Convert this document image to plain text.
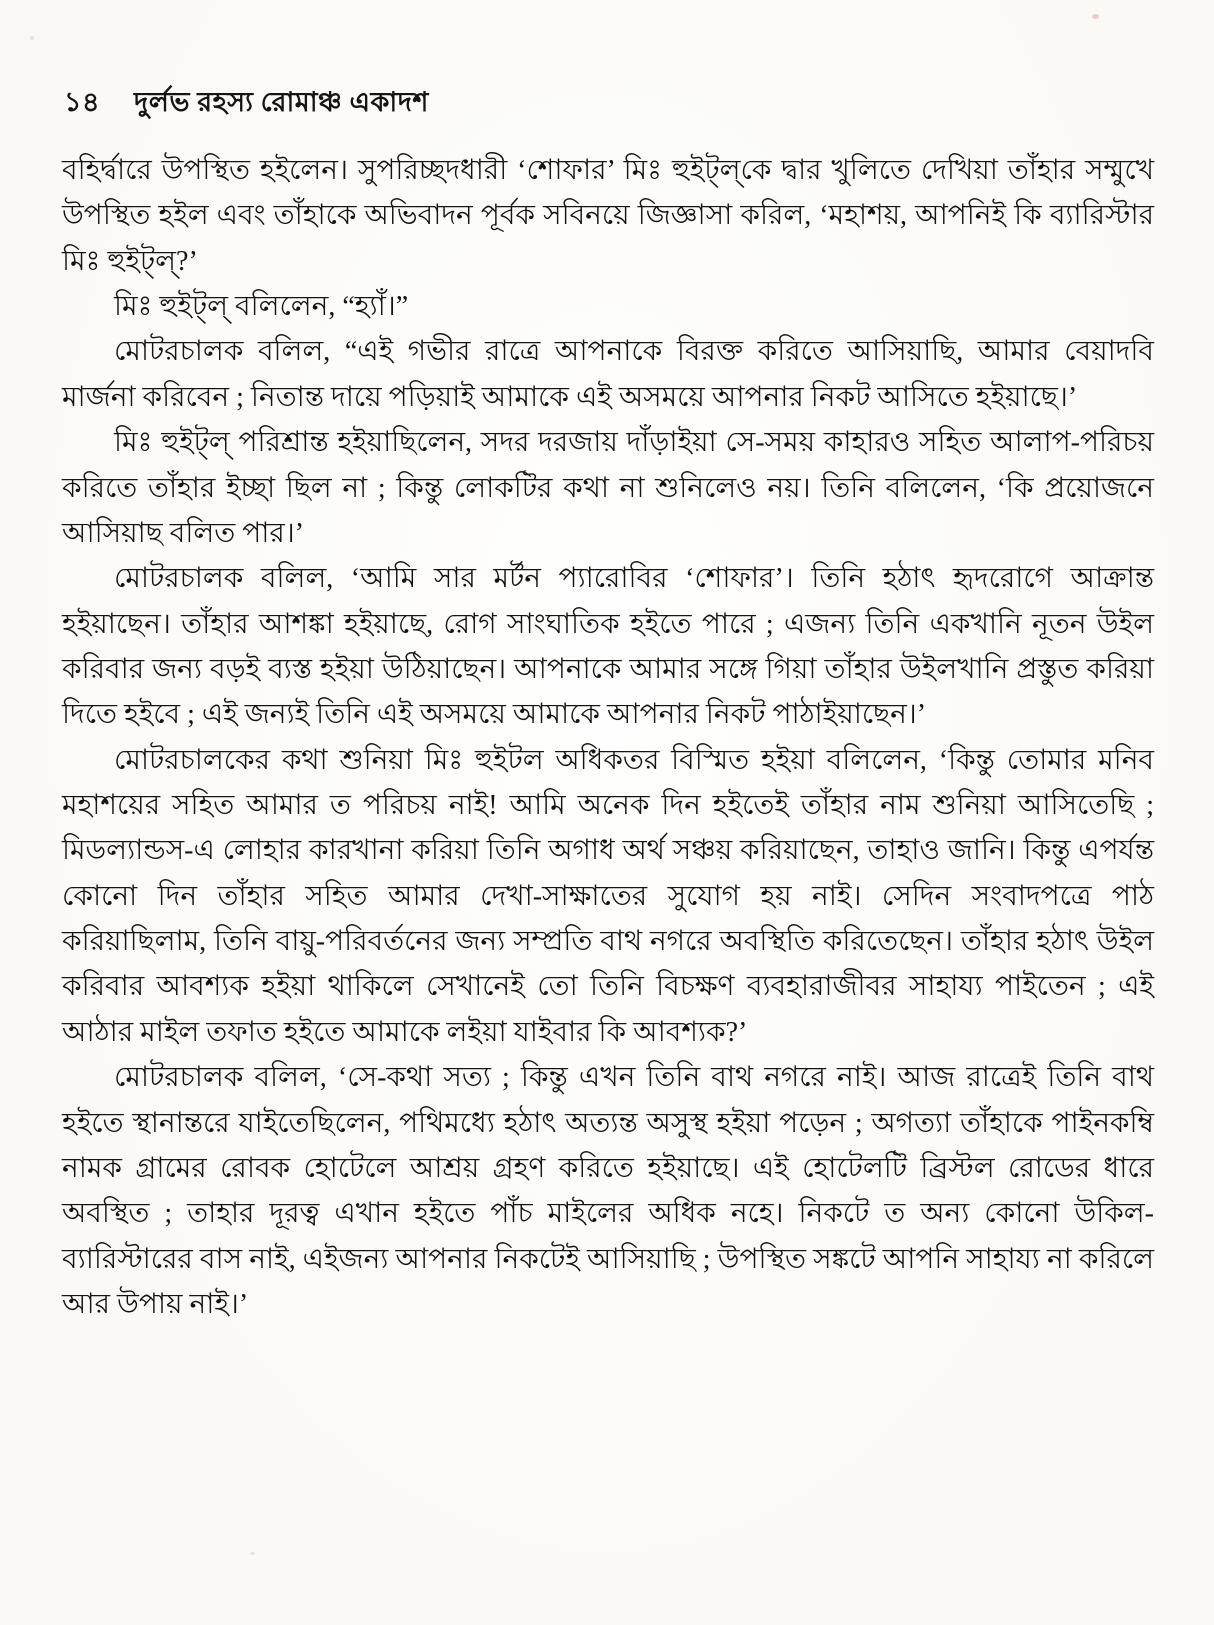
১৪ দুর্লভ রহস্য রোমাঞ্চ একাদশ

বহির্দ্বারে উপস্থিত হইলেন। সুপরিচ্ছদধারী ‘শোফার’ মিঃ হুইট্‌ল্‌কে দ্বার খুলিতে দেখিয়া তাঁহার সম্মুখে উপস্থিত হইল এবং তাঁহাকে অভিবাদন পূর্বক সবিনয়ে জিজ্ঞাসা করিল, ‘মহাশয়, আপনিই কি ব্যারিস্টার মিঃ হুইট্‌ল্‌?’

মিঃ হুইট্‌ল্‌ বলিলেন, “হ্যাঁ।”

মোটরচালক বলিল, “এই গভীর রাত্রে আপনাকে বিরক্ত করিতে আসিয়াছি, আমার বেয়াদবি মার্জনা করিবেন ; নিতান্ত দায়ে পড়িয়াই আমাকে এই অসময়ে আপনার নিকট আসিতে হইয়াছে।’

মিঃ হুইট্‌ল্‌ পরিশ্রান্ত হইয়াছিলেন, সদর দরজায় দাঁড়াইয়া সে-সময় কাহারও সহিত আলাপ-পরিচয় করিতে তাঁহার ইচ্ছা ছিল না ; কিন্তু লোকটির কথা না শুনিলেও নয়। তিনি বলিলেন, ‘কি প্রয়োজনে আসিয়াছ বলিত পার।’

মোটরচালক বলিল, ‘আমি সার মর্টন প্যারোবির ‘শোফার’। তিনি হঠাৎ হৃদরোগে আক্রান্ত হইয়াছেন। তাঁহার আশঙ্কা হইয়াছে, রোগ সাংঘাতিক হইতে পারে ; এজন্য তিনি একখানি নূতন উইল করিবার জন্য বড়ই ব্যস্ত হইয়া উঠিয়াছেন। আপনাকে আমার সঙ্গে গিয়া তাঁহার উইলখানি প্রস্তুত করিয়া দিতে হইবে ; এই জন্যই তিনি এই অসময়ে আমাকে আপনার নিকট পাঠাইয়াছেন।’

মোটরচালকের কথা শুনিয়া মিঃ হুইটল অধিকতর বিস্মিত হইয়া বলিলেন, ‘কিন্তু তোমার মনিব মহাশয়ের সহিত আমার ত পরিচয় নাই! আমি অনেক দিন হইতেই তাঁহার নাম শুনিয়া আসিতেছি ; মিডল্যান্ডস-এ লোহার কারখানা করিয়া তিনি অগাধ অর্থ সঞ্চয় করিয়াছেন, তাহাও জানি। কিন্তু এপর্যন্ত কোনো দিন তাঁহার সহিত আমার দেখা-সাক্ষাতের সুযোগ হয় নাই। সেদিন সংবাদপত্রে পাঠ করিয়াছিলাম, তিনি বায়ু-পরিবর্তনের জন্য সম্প্রতি বাথ নগরে অবস্থিতি করিতেছেন। তাঁহার হঠাৎ উইল করিবার আবশ্যক হইয়া থাকিলে সেখানেই তো তিনি বিচক্ষণ ব্যবহারাজীবর সাহায্য পাইতেন ; এই আঠার মাইল তফাত হইতে আমাকে লইয়া যাইবার কি আবশ্যক?’

মোটরচালক বলিল, ‘সে-কথা সত্য ; কিন্তু এখন তিনি বাথ নগরে নাই। আজ রাত্রেই তিনি বাথ হইতে স্থানান্তরে যাইতেছিলেন, পথিমধ্যে হঠাৎ অত্যন্ত অসুস্থ হইয়া পড়েন ; অগত্যা তাঁহাকে পাইনকম্বি নামক গ্রামের রোবক হোটেলে আশ্রয় গ্রহণ করিতে হইয়াছে। এই হোটেলটি ব্রিস্টল রোডের ধারে অবস্থিত ; তাহার দূরত্ব এখান হইতে পাঁচ মাইলের অধিক নহে। নিকটে ত অন্য কোনো উকিল-ব্যারিস্টারের বাস নাই, এইজন্য আপনার নিকটেই আসিয়াছি ; উপস্থিত সঙ্কটে আপনি সাহায্য না করিলে আর উপায় নাই।’
